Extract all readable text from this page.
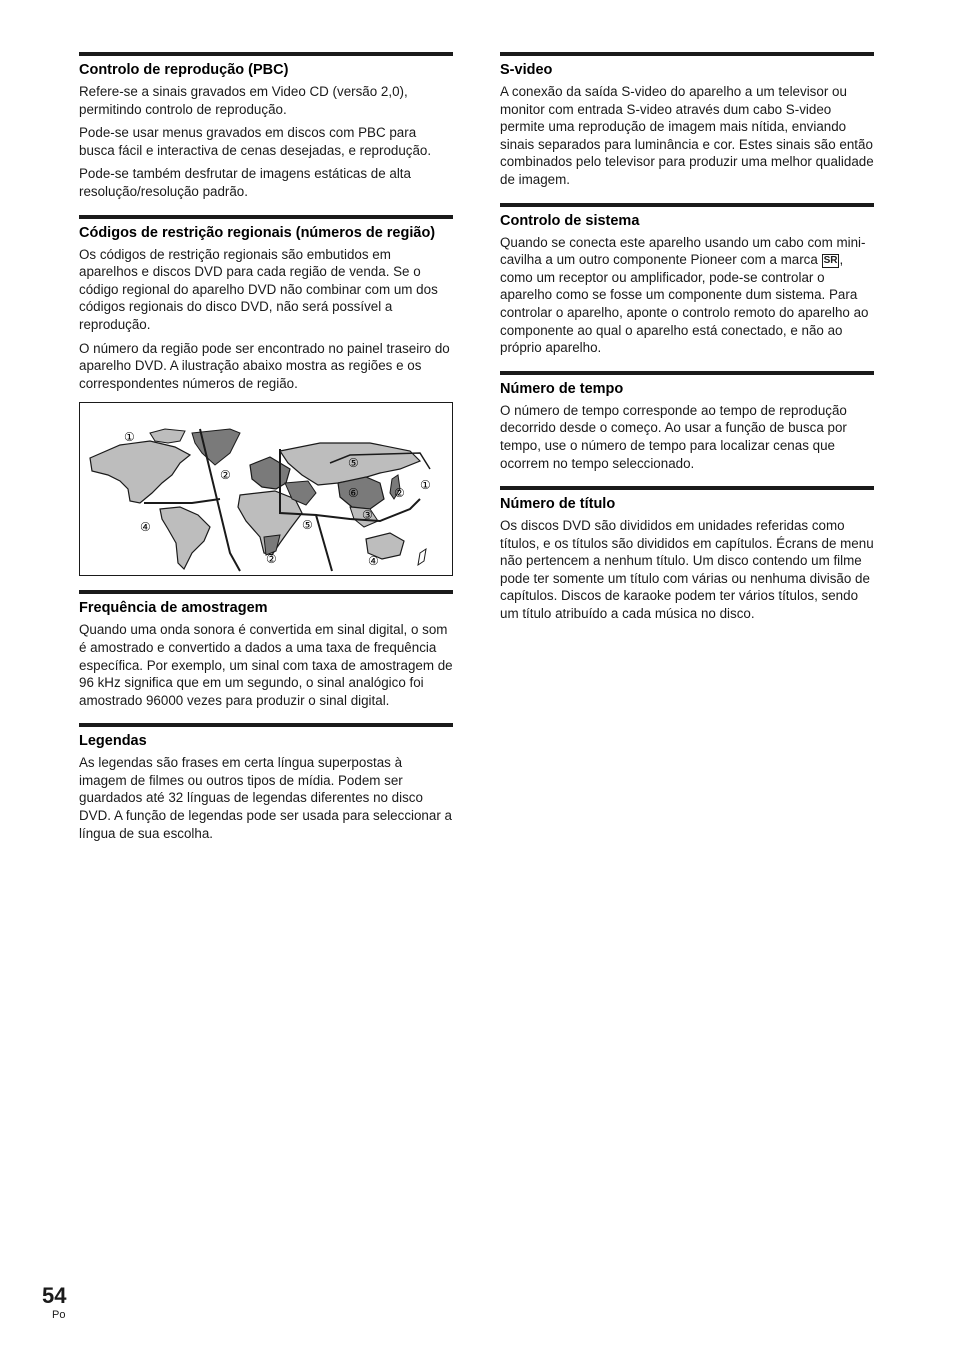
Controlo de reprodução (PBC)

Refere-se a sinais gravados em Video CD (versão 2,0), permitindo controlo de reprodução.

Pode-se usar menus gravados em discos com PBC para busca fácil e interactiva de cenas desejadas, e reprodução.

Pode-se também desfrutar de imagens estáticas de alta resolução/resolução padrão.

Códigos de restrição regionais (números de região)

Os códigos de restrição regionais são embutidos em aparelhos e discos DVD para cada região de venda. Se o código regional do aparelho DVD não combinar com um dos códigos regionais do disco DVD, não será possível a reprodução.

O número da região pode ser encontrado no painel traseiro do aparelho DVD. A ilustração abaixo mostra as regiões e os correspondentes números de região.

①
②
④
⑤
⑥	②
①
③
⑤
②	④
Frequência de amostragem

Quando uma onda sonora é convertida em sinal digital, o som é amostrado e convertido a dados a uma taxa de frequência específica. Por exemplo, um sinal com taxa de amostragem de 96 kHz significa que em um segundo, o sinal analógico foi amostrado 96000 vezes para produzir o sinal digital.

Legendas

As legendas são frases em certa língua superpostas à imagem de filmes ou outros tipos de mídia. Podem ser guardados até 32 línguas de legendas diferentes no disco DVD. A função de legendas pode ser usada para seleccionar a língua de sua escolha.

S-video

A conexão da saída S-video do aparelho a um televisor ou monitor com entrada S-video através dum cabo S-video permite uma reprodução de imagem mais nítida, enviando sinais separados para luminância e cor. Estes sinais são então combinados pelo televisor para produzir uma melhor qualidade de imagem.

Controlo de sistema

Quando se conecta este aparelho usando um cabo com mini-cavilha a um outro componente Pioneer com a marca SR , como um receptor ou amplificador, pode-se controlar o aparelho como se fosse um componente dum sistema. Para controlar o aparelho, aponte o controlo remoto do aparelho ao componente ao qual o aparelho está conectado, e não ao próprio aparelho.

Número de tempo

O número de tempo corresponde ao tempo de reprodução decorrido desde o começo. Ao usar a função de busca por tempo, use o número de tempo para localizar cenas que ocorrem no tempo seleccionado.

Número de título

Os discos DVD são divididos em unidades referidas como títulos, e os títulos são divididos em capítulos. Écrans de menu não pertencem a nenhum título. Um disco contendo um filme pode ter somente um título com várias ou nenhuma divisão de capítulos. Discos de karaoke podem ter vários títulos, sendo um título atribuído a cada música no disco.

54
Po
